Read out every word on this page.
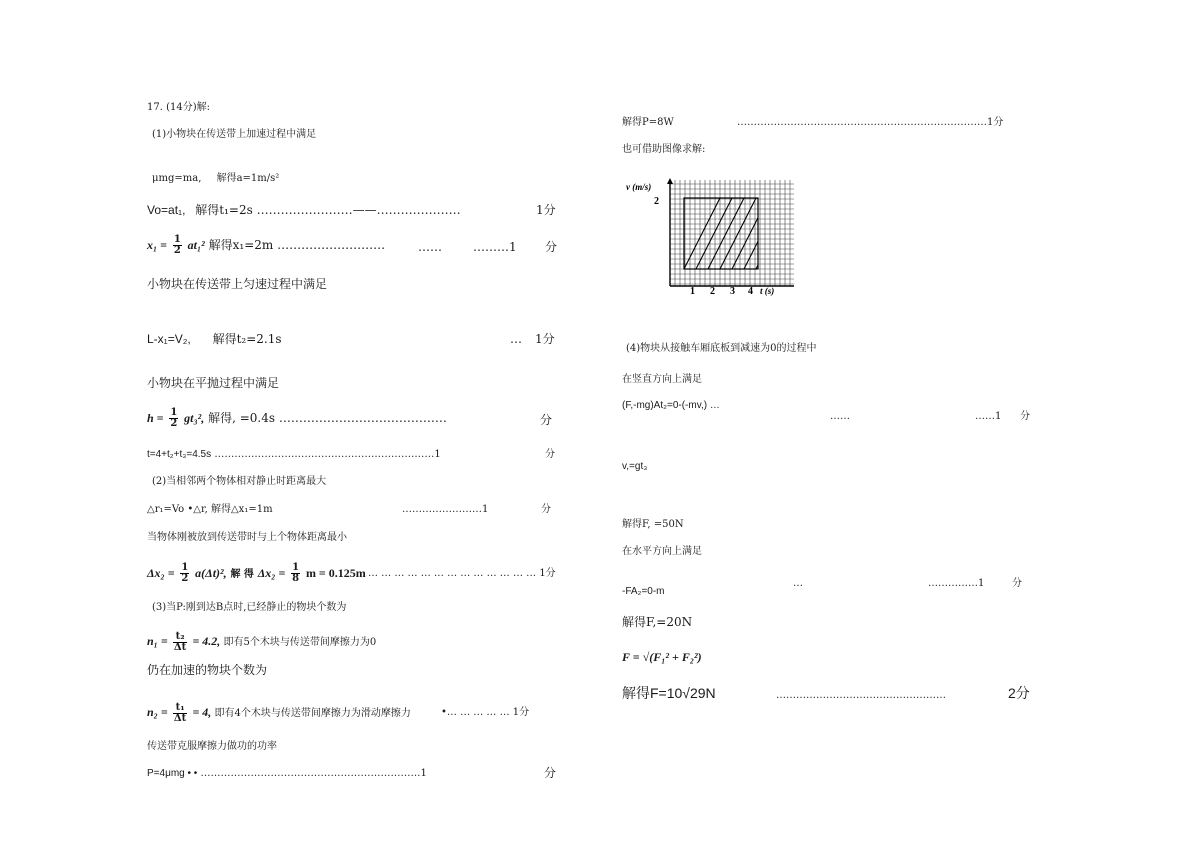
17. (14分)解:
(1)小物块在传送带上加速过程中满足
μmg=ma, 解得a=1m/s²
Vo=at₁, 解得t₁=2s ……………………——…………………	1分
$x_1 = \frac{1}{2} at_1^2$ 解得x₁=2m ………………………	……	………1 分
小物块在传送带上匀速过程中满足
L-x₁=V₂, 解得t₂=2.1s	… 1分
小物块在平抛过程中满足
$h = \frac{1}{2} gt_3^2$, 解得, =0.4s ……………………………………	分
t=4+t₂+t₃=4.5s …………………………………………………………1	分
(2)当相邻两个物体相对静止时距离最大
△r₁=Vo •△r, 解得△x₁=1m	……………………1	分
当物体刚被放到传送带时与上个物体距离最小
$\Delta x_2 = \frac{1}{2} a(\Delta t)^2$, 解 得 $\Delta x_2 = \frac{1}{8}$ m = 0.125m … … … … … … … … … … … … … 1分
(3)当P:刚到达B点时,已经静止的物块个数为
$n_1 = \frac{\text{t₂}}{\Delta t} = 4.2$, 即有5个木块与传送带间摩擦力为0
仍在加速的物块个数为
$n_2 = \frac{\text{t₁}}{\Delta t} = 4$, 即有4个木块与传送带间摩擦力为滑动摩擦力	•… … … … … 1分
传送带克服摩擦力做功的功率
P=4μmg • • …………………………………………………………1	分
解得P=8W	…………………………………………………………………1分
也可借助图像求解:
v (m/s)
2
1 2 3 4 t (s)
(4)物块从接触车厢底板到减速为0的过程中
在竖直方向上满足
(F,-mg)At₂=0-(-mv,) …
……	……1 分
v,=gt₃
解得F, =50N
在水平方向上满足
-FA₂=0-m
…	……………1	分
解得F,=20N
F = √(F₁² + F₂²)
解得F=10√29N	……………………………………………	2分
